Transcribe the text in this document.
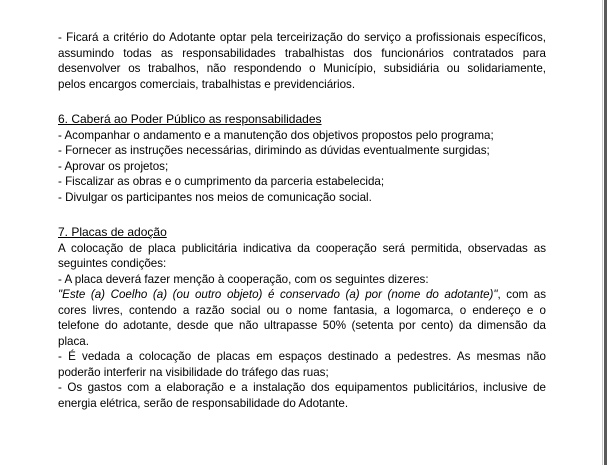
- Ficará a critério do Adotante optar pela terceirização do serviço a profissionais específicos,
assumindo todas as responsabilidades trabalhistas dos funcionários contratados para
desenvolver os trabalhos, não respondendo o Município, subsidiária ou solidariamente,
pelos encargos comerciais, trabalhistas e previdenciários.
6. Caberá ao Poder Público as responsabilidades
- Acompanhar o andamento e a manutenção dos objetivos propostos pelo programa;
- Fornecer as instruções necessárias, dirimindo as dúvidas eventualmente surgidas;
- Aprovar os projetos;
- Fiscalizar as obras e o cumprimento da parceria estabelecida;
- Divulgar os participantes nos meios de comunicação social.
7. Placas de adoção
A colocação de placa publicitária indicativa da cooperação será permitida, observadas as
seguintes condições:
- A placa deverá fazer menção à cooperação, com os seguintes dizeres:
"Este (a) Coelho (a) (ou outro objeto) é conservado (a) por (nome do adotante)", com as
cores livres, contendo a razão social ou o nome fantasia, a logomarca, o endereço e o
telefone do adotante, desde que não ultrapasse 50% (setenta por cento) da dimensão da
placa.
- É vedada a colocação de placas em espaços destinado a pedestres. As mesmas não
poderão interferir na visibilidade do tráfego das ruas;
- Os gastos com a elaboração e a instalação dos equipamentos publicitários, inclusive de
energia elétrica, serão de responsabilidade do Adotante.
